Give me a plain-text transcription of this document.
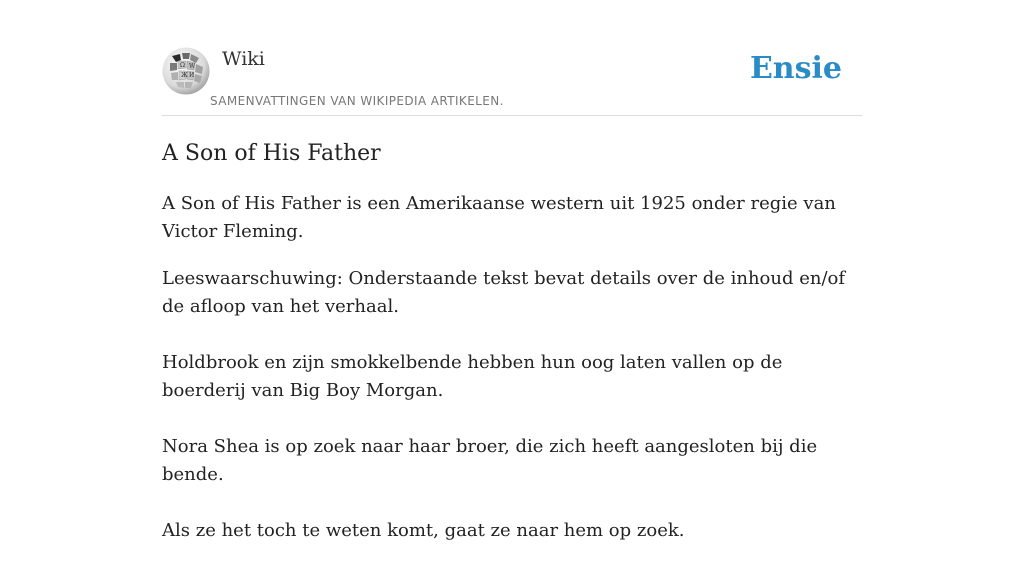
Ω W
Ж И
Wiki
SAMENVATTINGEN VAN WIKIPEDIA ARTIKELEN.
Ensie
A Son of His Father

A Son of His Father is een Amerikaanse western uit 1925 onder regie van Victor Fleming.

Leeswaarschuwing: Onderstaande tekst bevat details over de inhoud en/of de afloop van het verhaal.

Holdbrook en zijn smokkelbende hebben hun oog laten vallen op de boerderij van Big Boy Morgan.

Nora Shea is op zoek naar haar broer, die zich heeft aangesloten bij die bende.

Als ze het toch te weten komt, gaat ze naar hem op zoek.
